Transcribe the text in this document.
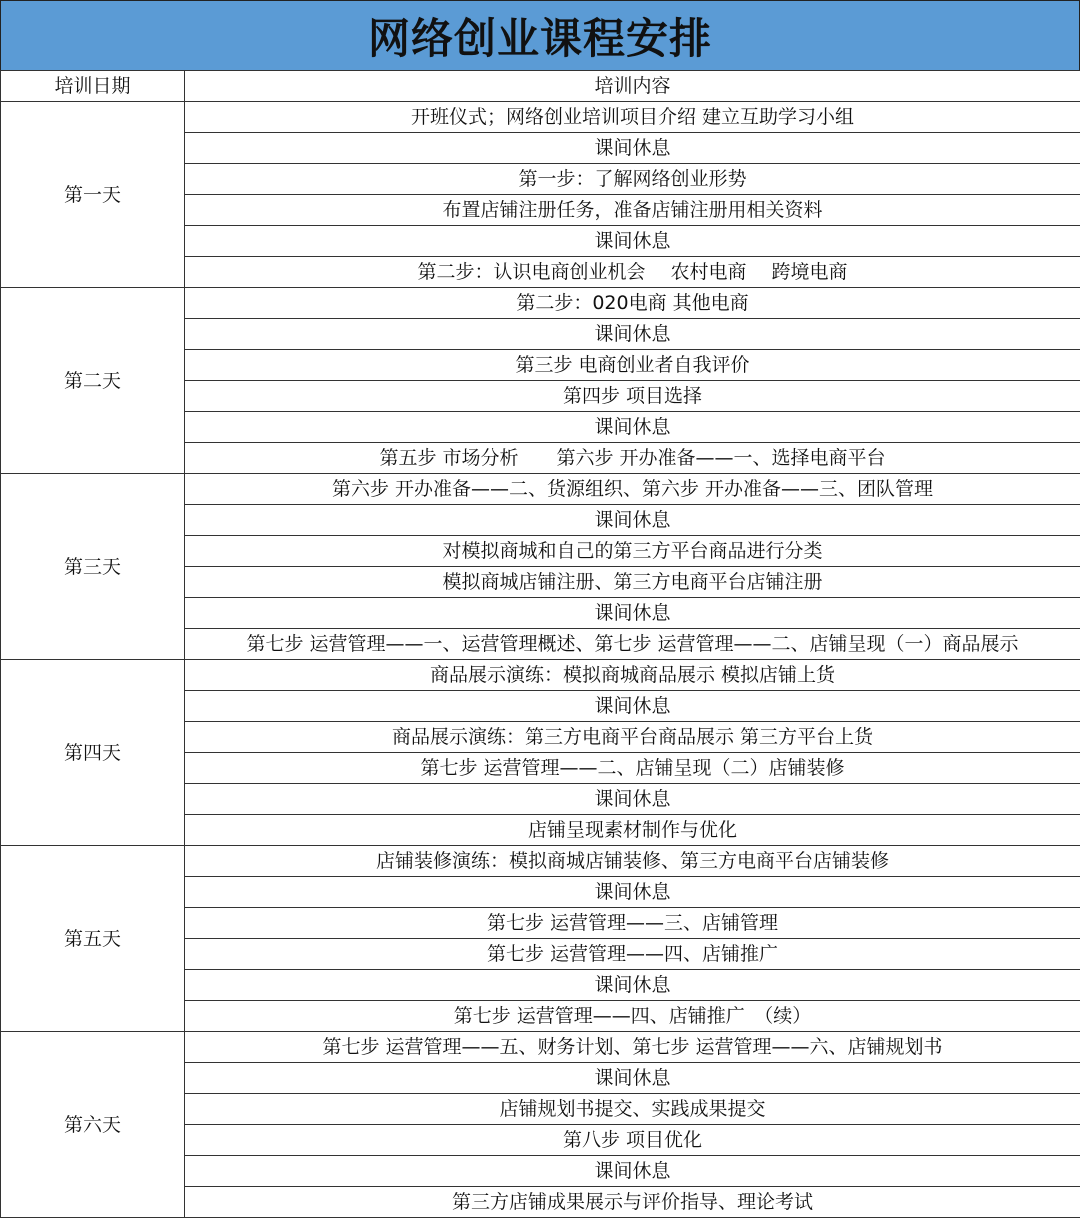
网络创业课程安排
培训日期	培训内容
第一天	开班仪式；网络创业培训项目介绍 建立互助学习小组
	课间休息
	第一步：了解网络创业形势
	布置店铺注册任务，准备店铺注册用相关资料
	课间休息
	第二步：认识电商创业机会　 农村电商　 跨境电商
第二天	第二步：020电商 其他电商
	课间休息
	第三步 电商创业者自我评价
	第四步 项目选择
	课间休息
	第五步 市场分析　　第六步 开办准备——一、选择电商平台
第三天	第六步 开办准备——二、货源组织、第六步 开办准备——三、团队管理
	课间休息
	对模拟商城和自己的第三方平台商品进行分类
	模拟商城店铺注册、第三方电商平台店铺注册
	课间休息
	第七步 运营管理——一、运营管理概述、第七步 运营管理——二、店铺呈现（一）商品展示
第四天	商品展示演练：模拟商城商品展示 模拟店铺上货
	课间休息
	商品展示演练：第三方电商平台商品展示 第三方平台上货
	第七步 运营管理——二、店铺呈现（二）店铺装修
	课间休息
	店铺呈现素材制作与优化
第五天	店铺装修演练：模拟商城店铺装修、第三方电商平台店铺装修
	课间休息
	第七步 运营管理——三、店铺管理
	第七步 运营管理——四、店铺推广
	课间休息
	第七步 运营管理——四、店铺推广　（续）
第六天	第七步 运营管理——五、财务计划、第七步 运营管理——六、店铺规划书
	课间休息
	店铺规划书提交、实践成果提交
	第八步 项目优化
	课间休息
	第三方店铺成果展示与评价指导、理论考试
